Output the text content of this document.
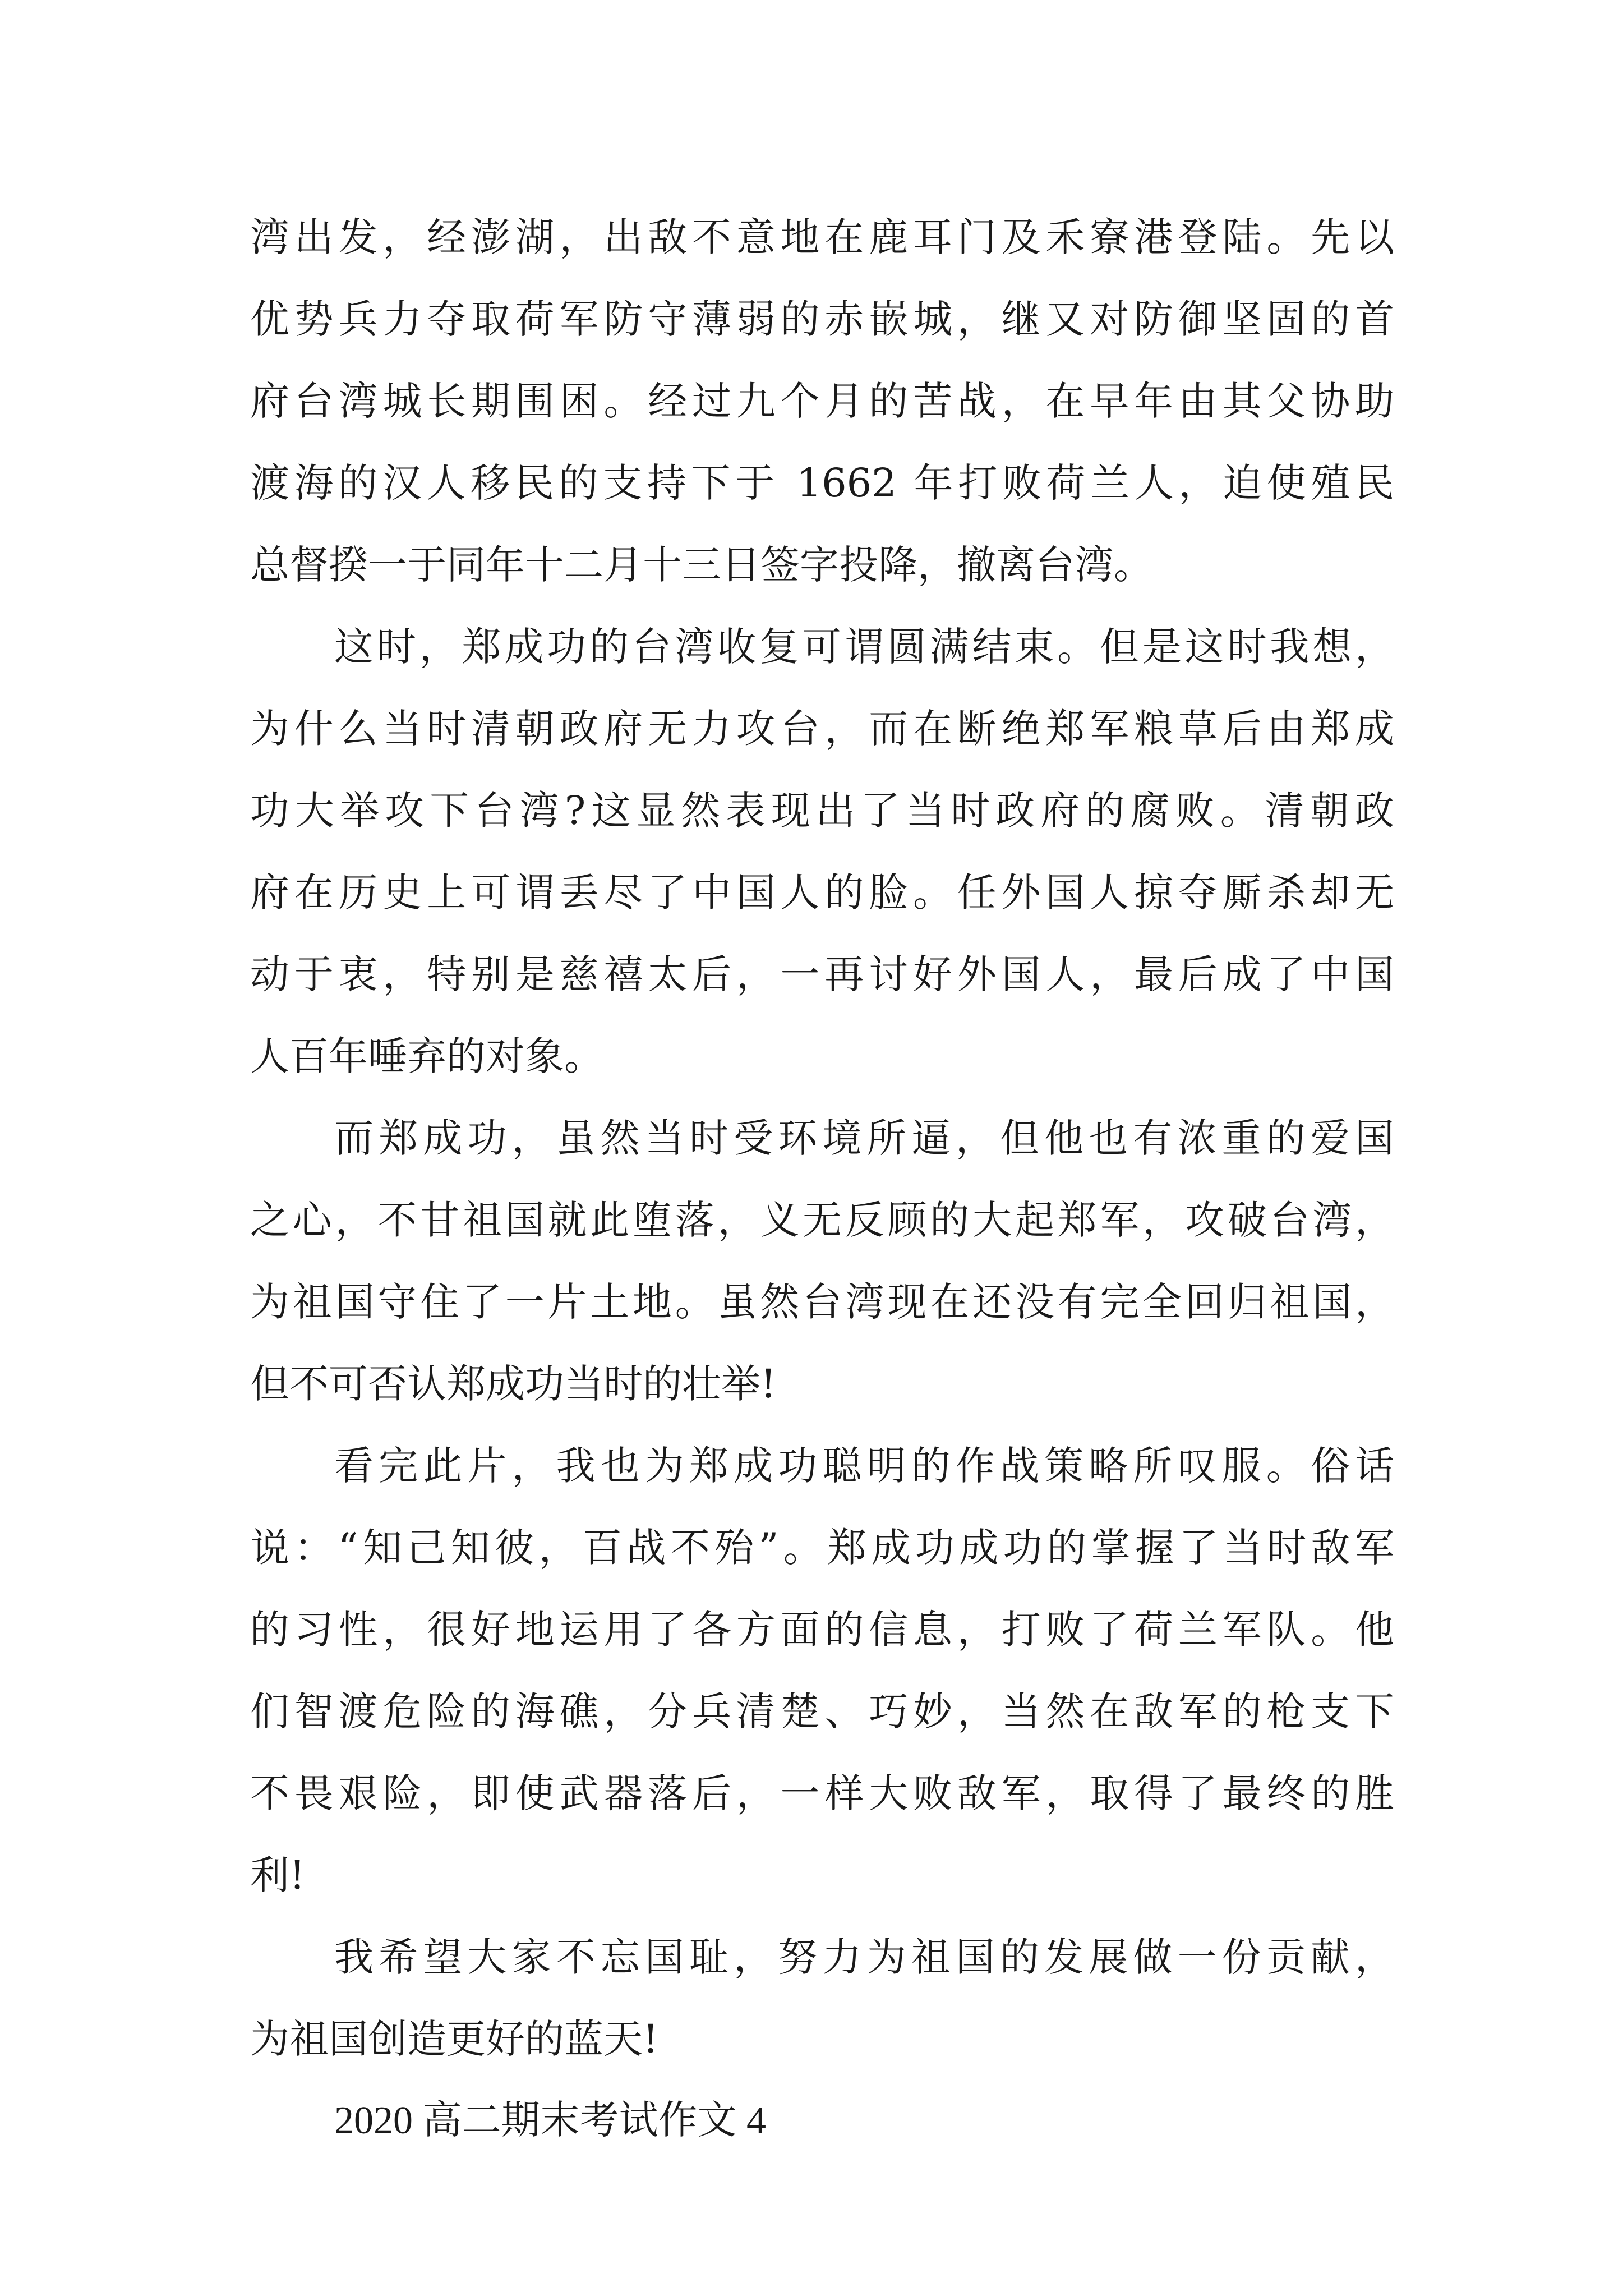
湾出发，经澎湖，出敌不意地在鹿耳门及禾寮港登陆。先以
优势兵力夺取荷军防守薄弱的赤嵌城，继又对防御坚固的首
府台湾城长期围困。经过九个月的苦战，在早年由其父协助
渡海的汉人移民的支持下于 1662 年打败荷兰人，迫使殖民
总督揆一于同年十二月十三日签字投降，撤离台湾。
这时，郑成功的台湾收复可谓圆满结束。但是这时我想，
为什么当时清朝政府无力攻台，而在断绝郑军粮草后由郑成
功大举攻下台湾?这显然表现出了当时政府的腐败。清朝政
府在历史上可谓丢尽了中国人的脸。任外国人掠夺厮杀却无
动于衷，特别是慈禧太后，一再讨好外国人，最后成了中国
人百年唾弃的对象。
而郑成功，虽然当时受环境所逼，但他也有浓重的爱国
之心，不甘祖国就此堕落，义无反顾的大起郑军，攻破台湾，
为祖国守住了一片土地。虽然台湾现在还没有完全回归祖国，
但不可否认郑成功当时的壮举!
看完此片，我也为郑成功聪明的作战策略所叹服。俗话
说：“知己知彼，百战不殆”。郑成功成功的掌握了当时敌军
的习性，很好地运用了各方面的信息，打败了荷兰军队。他
们智渡危险的海礁，分兵清楚、巧妙，当然在敌军的枪支下
不畏艰险，即使武器落后，一样大败敌军，取得了最终的胜
利!
我希望大家不忘国耻，努力为祖国的发展做一份贡献，
为祖国创造更好的蓝天!
2020 高二期末考试作文 4
